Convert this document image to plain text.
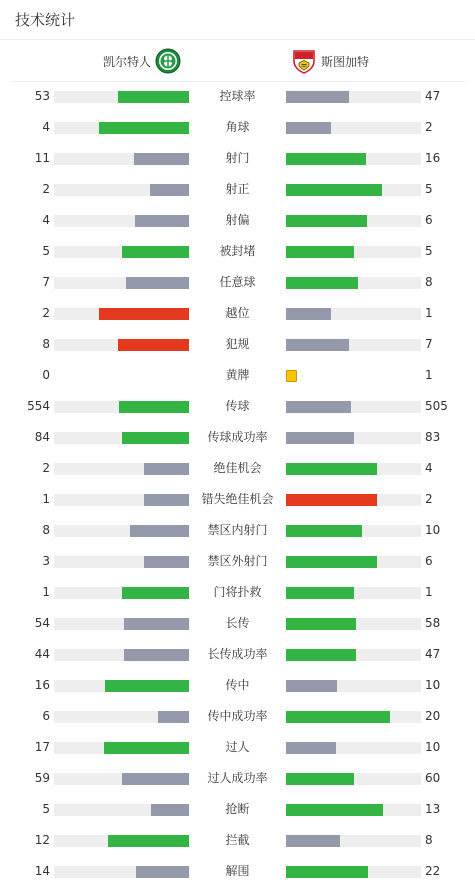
技术统计
凯尔特人	斯图加特
53	控球率	47
4	角球	2
11	射门	16
2	射正	5
4	射偏	6
5	被封堵	5
7	任意球	8
2	越位	1
8	犯规	7
0	黄牌	1
554	传球	505
84	传球成功率	83
2	绝佳机会	4
1	错失绝佳机会	2
8	禁区内射门	10
3	禁区外射门	6
1	门将扑救	1
54	长传	58
44	长传成功率	47
16	传中	10
6	传中成功率	20
17	过人	10
59	过人成功率	60
5	抢断	13
12	拦截	8
14	解围	22
